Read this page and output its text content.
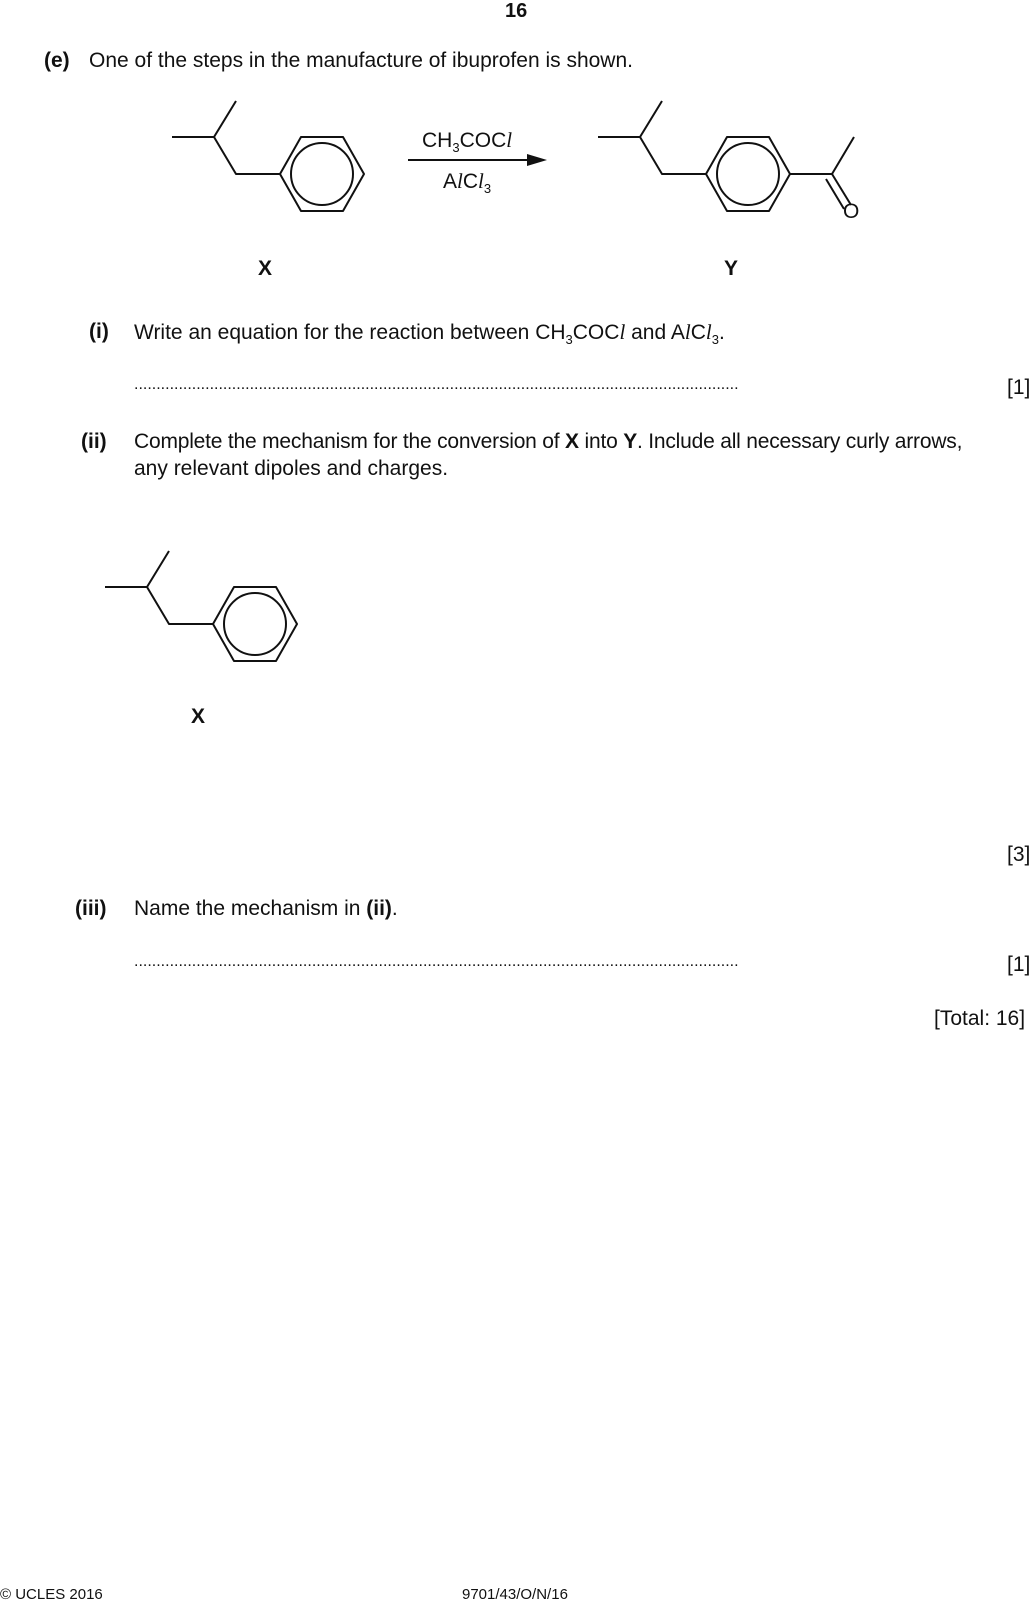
16
(e) One of the steps in the manufacture of ibuprofen is shown.
$CH_3COCl$
AlCl$_3$
O
X	Y
(i) Write an equation for the reaction between $CH_3COCl$ and AlCl$_3$.
........................................................................................................................................	[1]
(ii) Complete the mechanism for the conversion of X into Y. Include all necessary curly arrows,
any relevant dipoles and charges.
X
[3]
(iii) Name the mechanism in (ii).
........................................................................................................................................	[1]
[Total: 16]
© UCLES 2016	9701/43/O/N/16
